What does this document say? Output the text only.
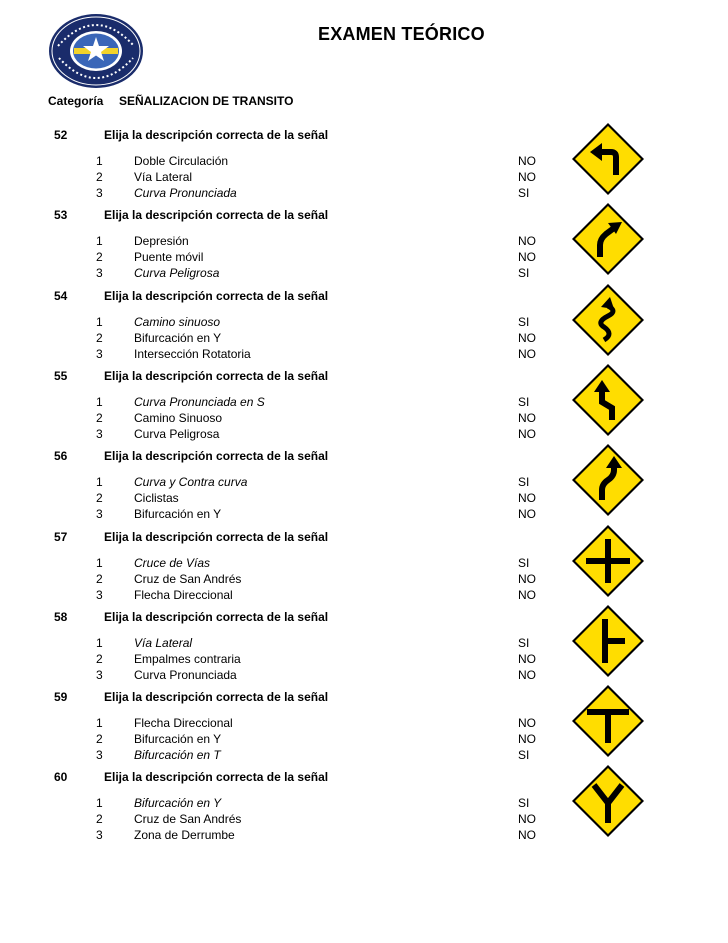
EXAMEN TEÓRICO
Categoría SEÑALIZACION DE TRANSITO
52	Elija la descripción correcta de la señal
1	Doble Circulación	NO
2	Vía Lateral	NO
3	Curva Pronunciada	SI
53	Elija la descripción correcta de la señal
1	Depresión	NO
2	Puente móvil	NO
3	Curva Peligrosa	SI
54	Elija la descripción correcta de la señal
1	Camino sinuoso	SI
2	Bifurcación en Y	NO
3	Intersección Rotatoria	NO
55	Elija la descripción correcta de la señal
1	Curva Pronunciada en S	SI
2	Camino Sinuoso	NO
3	Curva Peligrosa	NO
56	Elija la descripción correcta de la señal
1	Curva y Contra curva	SI
2	Ciclistas	NO
3	Bifurcación en Y	NO
57	Elija la descripción correcta de la señal
1	Cruce de Vías	SI
2	Cruz de San Andrés	NO
3	Flecha Direccional	NO
58	Elija la descripción correcta de la señal
1	Vía Lateral	SI
2	Empalmes contraria	NO
3	Curva Pronunciada	NO
59	Elija la descripción correcta de la señal
1	Flecha Direccional	NO
2	Bifurcación en Y	NO
3	Bifurcación en T	SI
60	Elija la descripción correcta de la señal
1	Bifurcación en Y	SI
2	Cruz de San Andrés	NO
3	Zona de Derrumbe	NO
